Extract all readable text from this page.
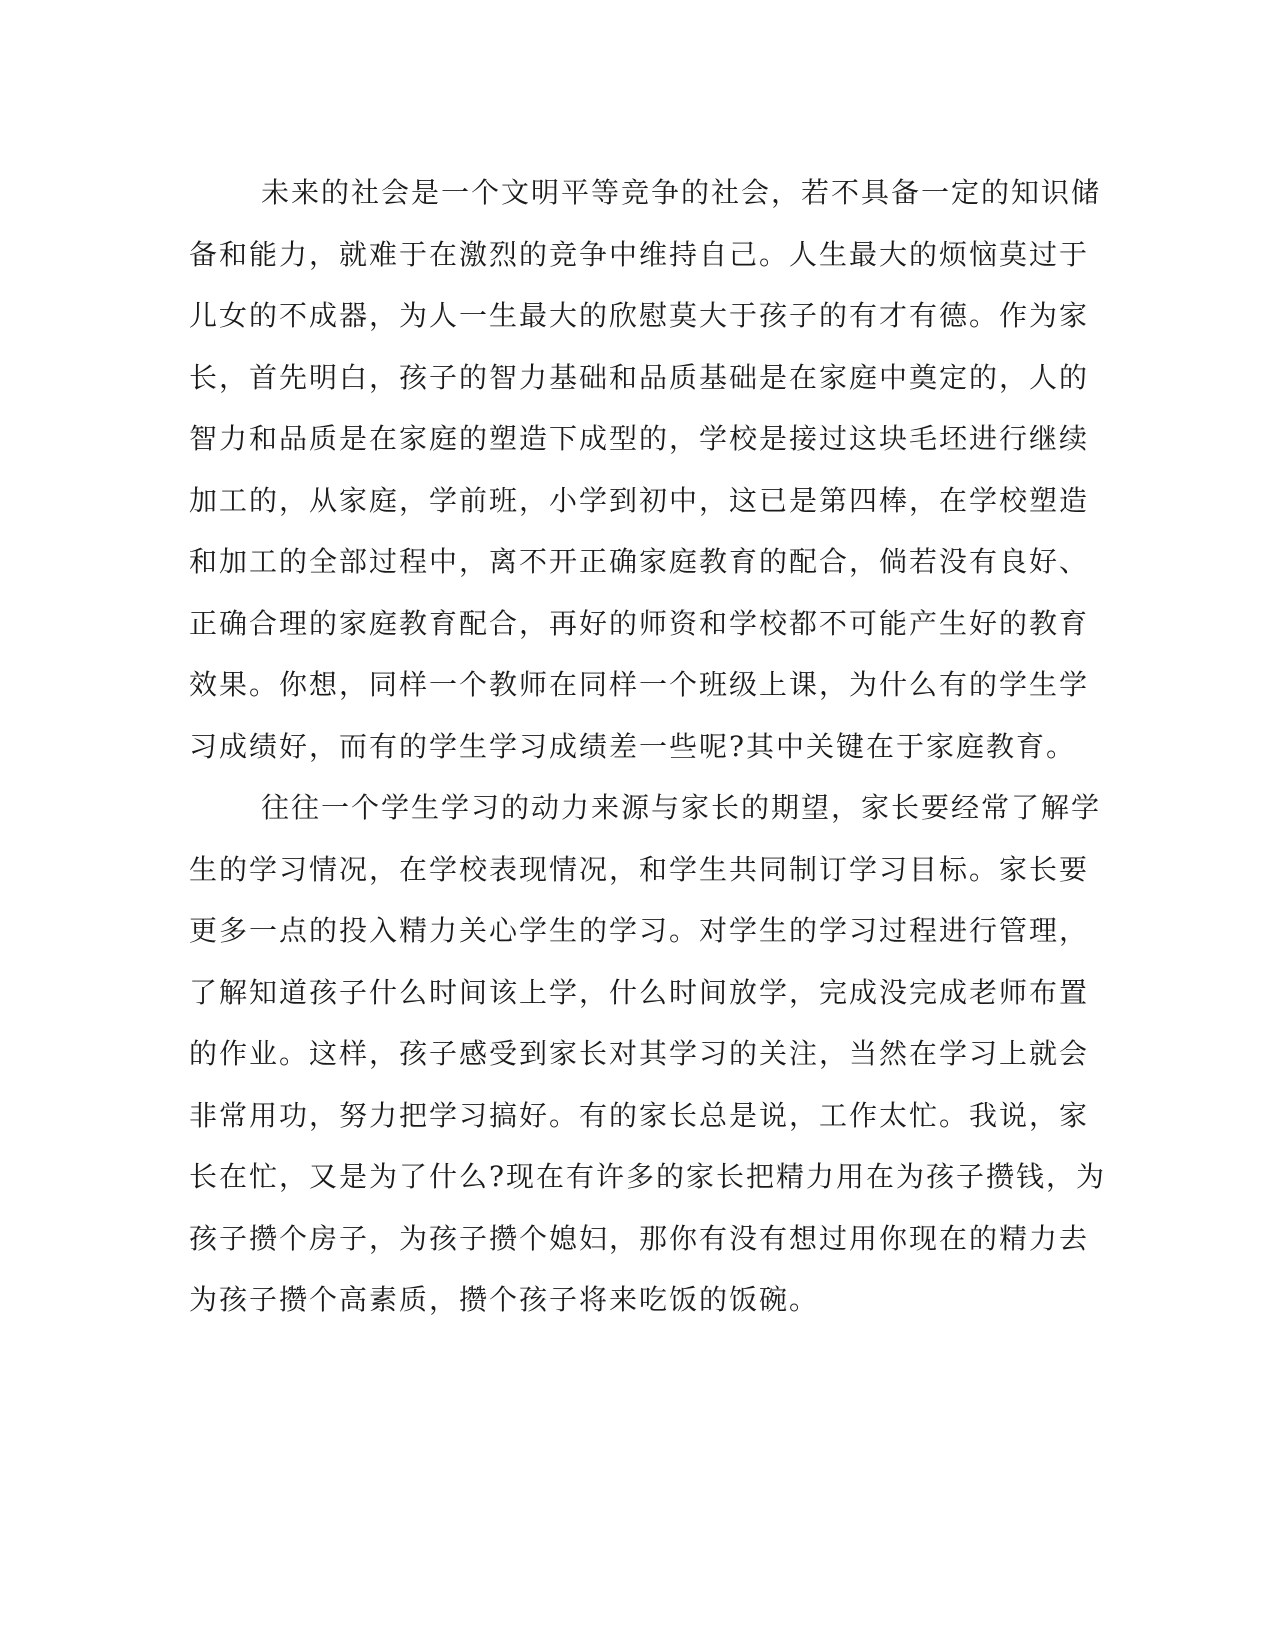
未来的社会是一个文明平等竞争的社会，若不具备一定的知识储
备和能力，就难于在激烈的竞争中维持自己。人生最大的烦恼莫过于
儿女的不成器，为人一生最大的欣慰莫大于孩子的有才有德。作为家
长，首先明白，孩子的智力基础和品质基础是在家庭中奠定的，人的
智力和品质是在家庭的塑造下成型的，学校是接过这块毛坯进行继续
加工的，从家庭，学前班，小学到初中，这已是第四棒，在学校塑造
和加工的全部过程中，离不开正确家庭教育的配合，倘若没有良好、
正确合理的家庭教育配合，再好的师资和学校都不可能产生好的教育
效果。你想，同样一个教师在同样一个班级上课，为什么有的学生学
习成绩好，而有的学生学习成绩差一些呢?其中关键在于家庭教育。
往往一个学生学习的动力来源与家长的期望，家长要经常了解学
生的学习情况，在学校表现情况，和学生共同制订学习目标。家长要
更多一点的投入精力关心学生的学习。对学生的学习过程进行管理，
了解知道孩子什么时间该上学，什么时间放学，完成没完成老师布置
的作业。这样，孩子感受到家长对其学习的关注，当然在学习上就会
非常用功，努力把学习搞好。有的家长总是说，工作太忙。我说，家
长在忙，又是为了什么?现在有许多的家长把精力用在为孩子攒钱，为
孩子攒个房子，为孩子攒个媳妇，那你有没有想过用你现在的精力去
为孩子攒个高素质，攒个孩子将来吃饭的饭碗。
